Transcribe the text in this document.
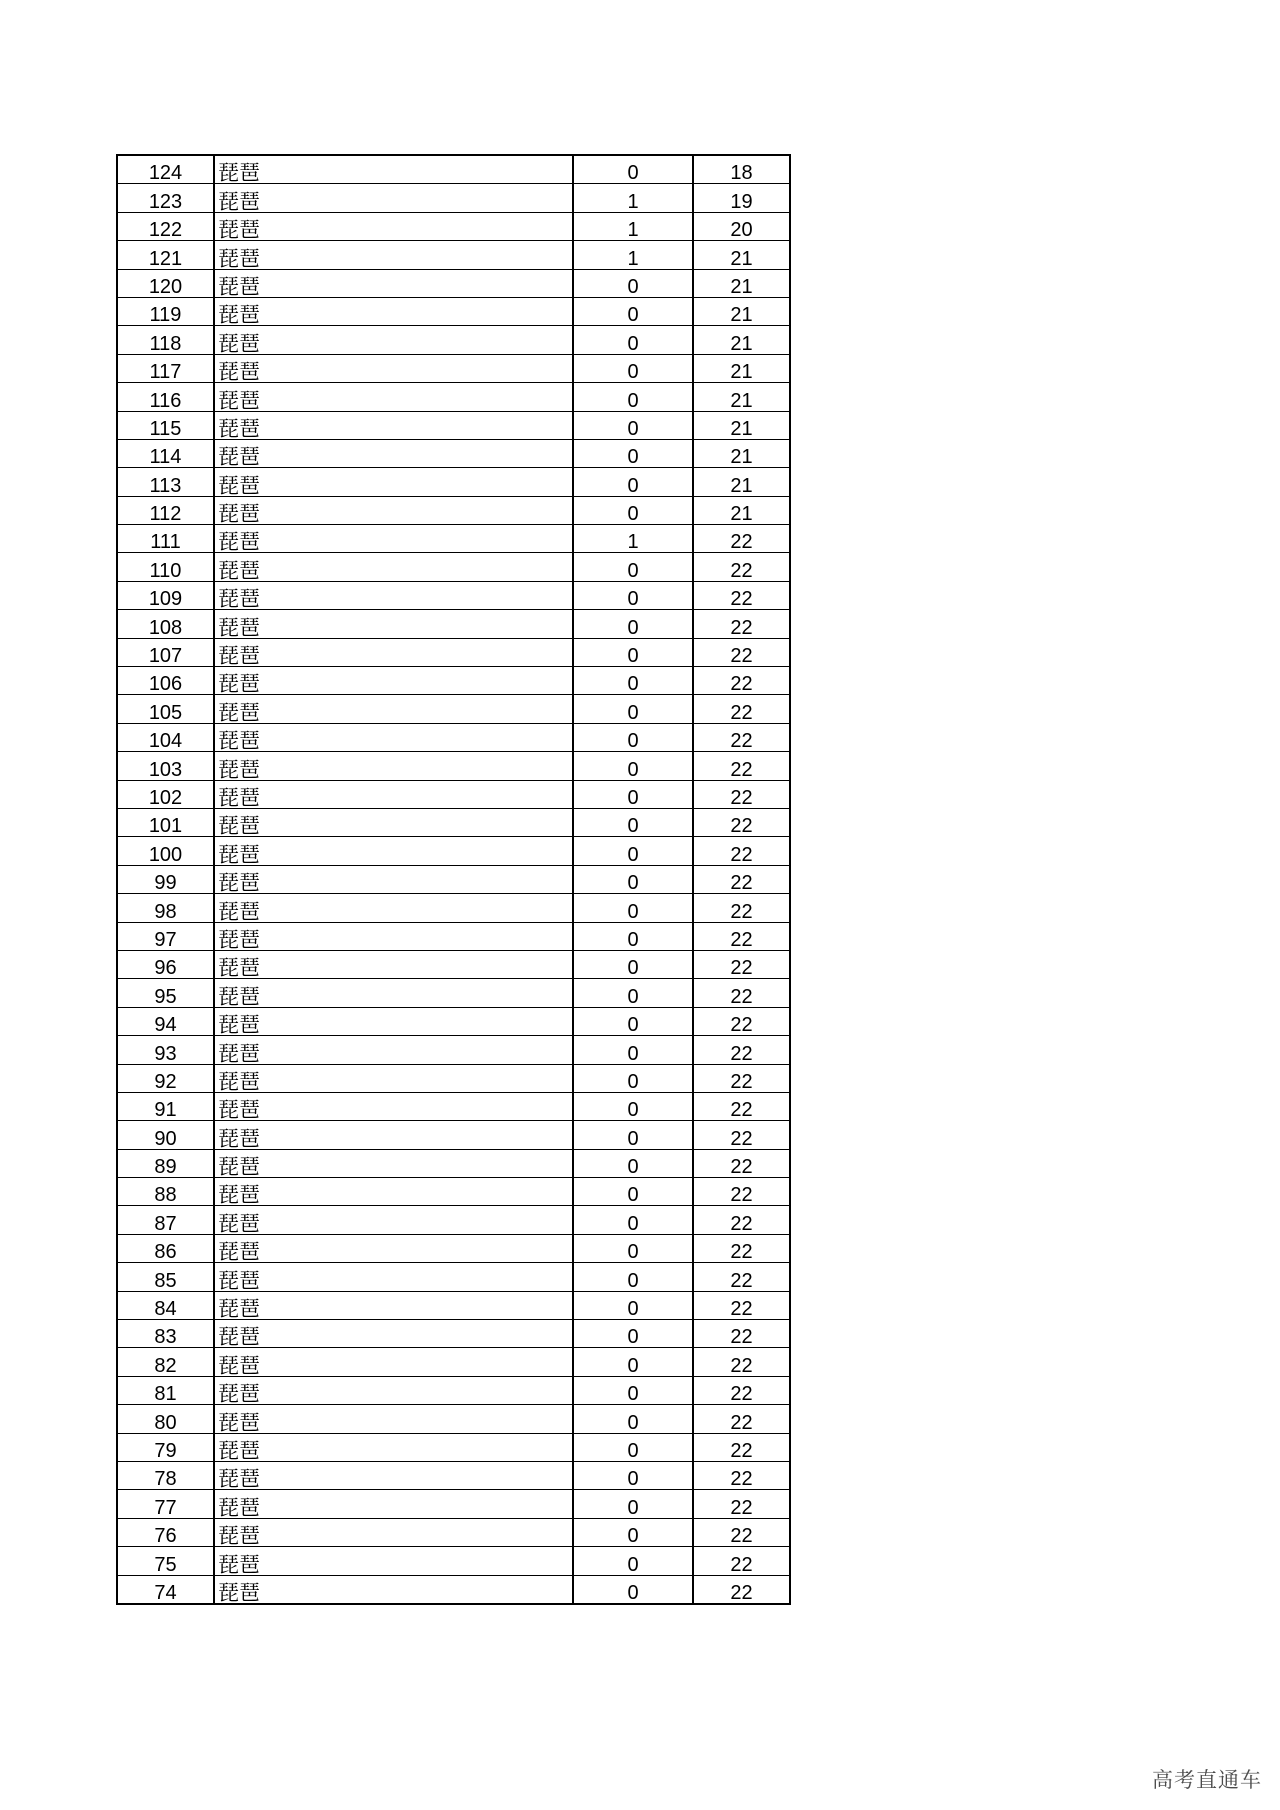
124	琵琶	0	18
123	琵琶	1	19
122	琵琶	1	20
121	琵琶	1	21
120	琵琶	0	21
119	琵琶	0	21
118	琵琶	0	21
117	琵琶	0	21
116	琵琶	0	21
115	琵琶	0	21
114	琵琶	0	21
113	琵琶	0	21
112	琵琶	0	21
111	琵琶	1	22
110	琵琶	0	22
109	琵琶	0	22
108	琵琶	0	22
107	琵琶	0	22
106	琵琶	0	22
105	琵琶	0	22
104	琵琶	0	22
103	琵琶	0	22
102	琵琶	0	22
101	琵琶	0	22
100	琵琶	0	22
99	琵琶	0	22
98	琵琶	0	22
97	琵琶	0	22
96	琵琶	0	22
95	琵琶	0	22
94	琵琶	0	22
93	琵琶	0	22
92	琵琶	0	22
91	琵琶	0	22
90	琵琶	0	22
89	琵琶	0	22
88	琵琶	0	22
87	琵琶	0	22
86	琵琶	0	22
85	琵琶	0	22
84	琵琶	0	22
83	琵琶	0	22
82	琵琶	0	22
81	琵琶	0	22
80	琵琶	0	22
79	琵琶	0	22
78	琵琶	0	22
77	琵琶	0	22
76	琵琶	0	22
75	琵琶	0	22
74	琵琶	0	22
高考直通车
